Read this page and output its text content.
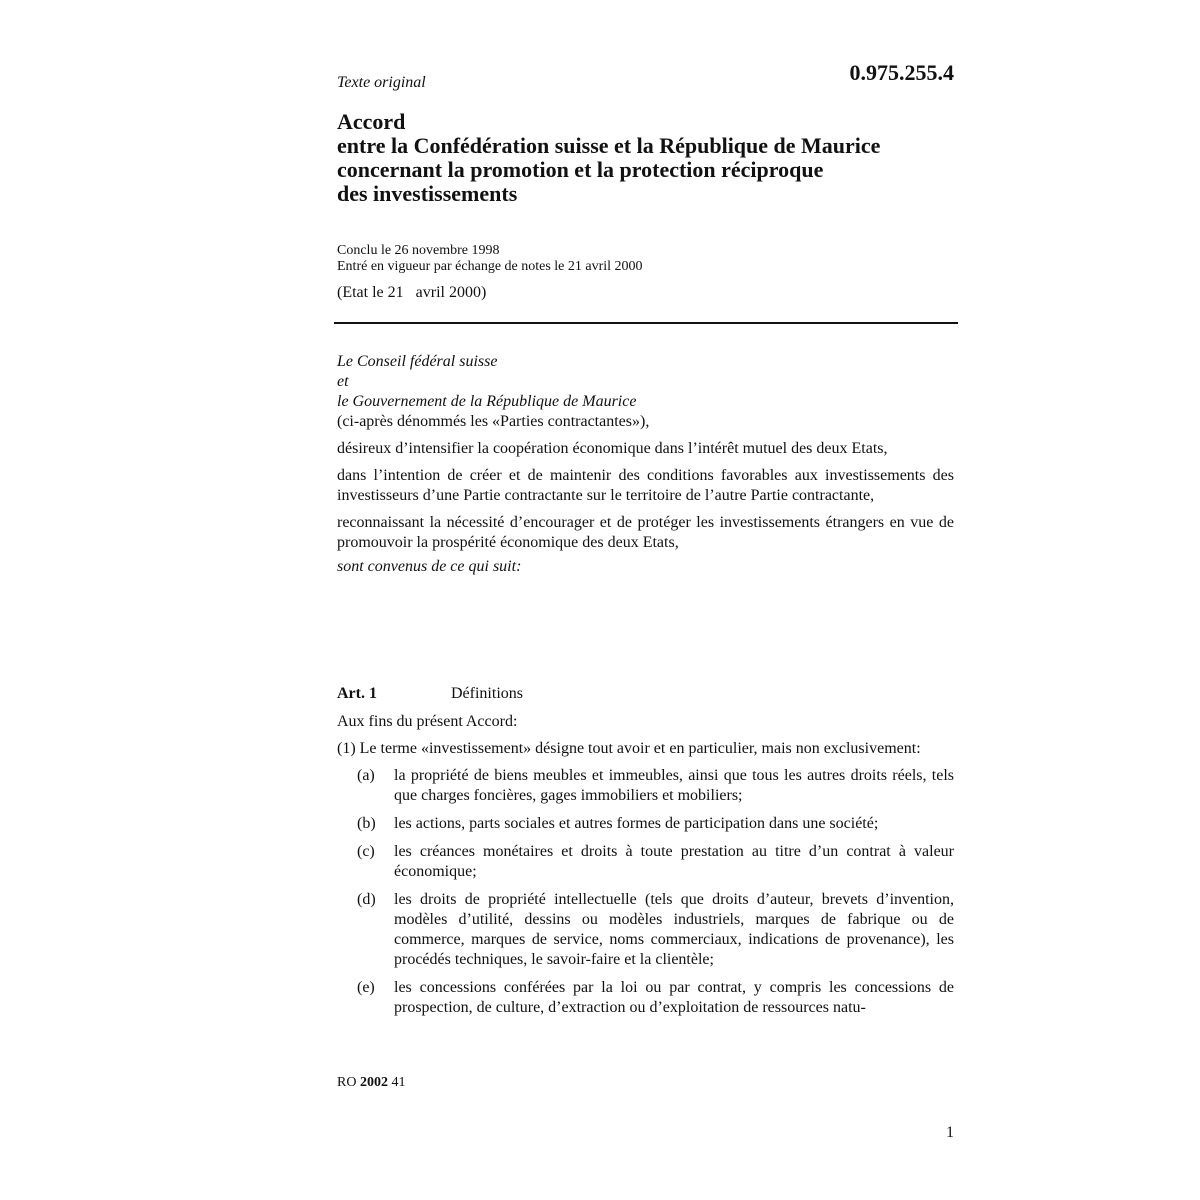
0.975.255.4
Texte original
Accord
entre la Confédération suisse et la République de Maurice
concernant la promotion et la protection réciproque
des investissements
Conclu le 26 novembre 1998
Entré en vigueur par échange de notes le 21 avril 2000
(Etat le 21   avril 2000)
Le Conseil fédéral suisse
et
le Gouvernement de la République de Maurice

(ci-après dénommés les «Parties contractantes»),

désireux d’intensifier la coopération économique dans l’intérêt mutuel des deux Etats,

dans l’intention de créer et de maintenir des conditions favorables aux investissements des investisseurs d’une Partie contractante sur le territoire de l’autre Partie contractante,

reconnaissant la nécessité d’encourager et de protéger les investissements étrangers en vue de promouvoir la prospérité économique des deux Etats,

sont convenus de ce qui suit:
Art. 1	Définitions

Aux fins du présent Accord:

(1) Le terme «investissement» désigne tout avoir et en particulier, mais non exclusivement:

(a)	la propriété de biens meubles et immeubles, ainsi que tous les autres droits réels, tels que charges foncières, gages immobiliers et mobiliers;
(b)	les actions, parts sociales et autres formes de participation dans une société;
(c)	les créances monétaires et droits à toute prestation au titre d’un contrat à valeur économique;
(d)	les droits de propriété intellectuelle (tels que droits d’auteur, brevets d’invention, modèles d’utilité, dessins ou modèles industriels, marques de fabrique ou de commerce, marques de service, noms commerciaux, indications de provenance), les procédés techniques, le savoir-faire et la clientèle;
(e)	les concessions conférées par la loi ou par contrat, y compris les concessions de prospection, de culture, d’extraction ou d’exploitation de ressources natu-
RO 2002 41
1
